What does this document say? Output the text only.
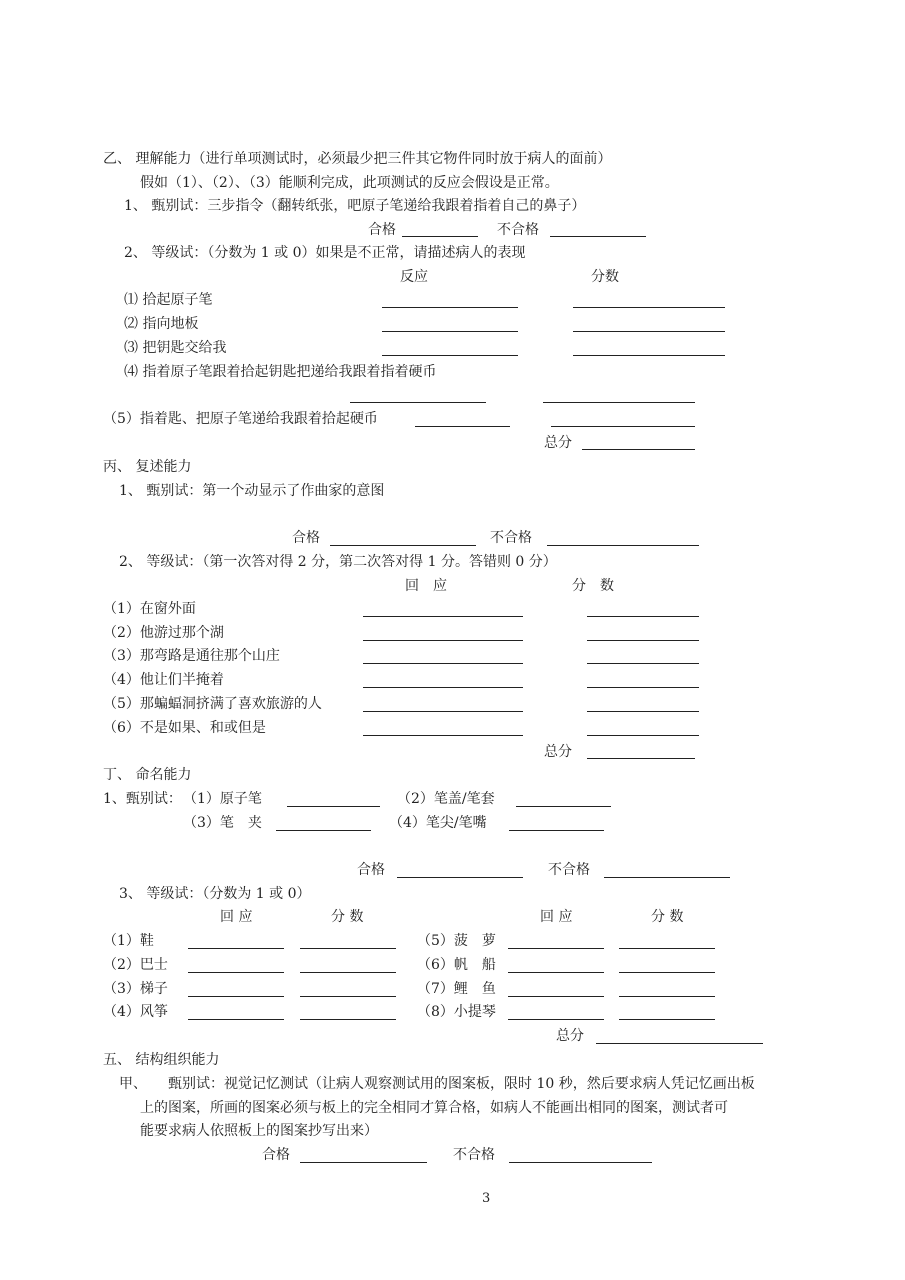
乙、 理解能力（进行单项测试时，必须最少把三件其它物件同时放于病人的面前）
假如（1）、（2）、（3）能顺利完成，此项测试的反应会假设是正常。
1、 甄别试：三步指令（翻转纸张，吧原子笔递给我跟着指着自己的鼻子）
合格	不合格
2、 等级试：（分数为 1 或 0）如果是不正常，请描述病人的表现
反应	分数
⑴ 拾起原子笔
⑵ 指向地板
⑶ 把钥匙交给我
⑷ 指着原子笔跟着拾起钥匙把递给我跟着指着硬币
（5）指着匙、把原子笔递给我跟着拾起硬币
总分
丙、 复述能力
1、 甄别试：第一个动显示了作曲家的意图
合格	不合格
2、 等级试：（第一次答对得 2 分，第二次答对得 1 分。答错则 0 分）
回　应	分　数
（1）在窗外面
（2）他游过那个湖
（3）那弯路是通往那个山庄
（4）他让们半掩着
（5）那蝙蝠洞挤满了喜欢旅游的人
（6）不是如果、和或但是
总分
丁、 命名能力
1、甄别试： （1）原子笔	（2）笔盖/笔套
（3）笔　夹	（4）笔尖/笔嘴
合格	不合格
3、 等级试：（分数为 1 或 0）
回 应	分 数	回 应	分 数
（1）鞋	（5）菠　萝
（2）巴士	（6）帆　船
（3）梯子	（7）鲤　鱼
（4）风筝	（8）小提琴
总分
五、 结构组织能力
甲、 甄别试：视觉记忆测试（让病人观察测试用的图案板，限时 10 秒，然后要求病人凭记忆画出板
上的图案，所画的图案必须与板上的完全相同才算合格，如病人不能画出相同的图案，测试者可
能要求病人依照板上的图案抄写出来）
合格	不合格
3
